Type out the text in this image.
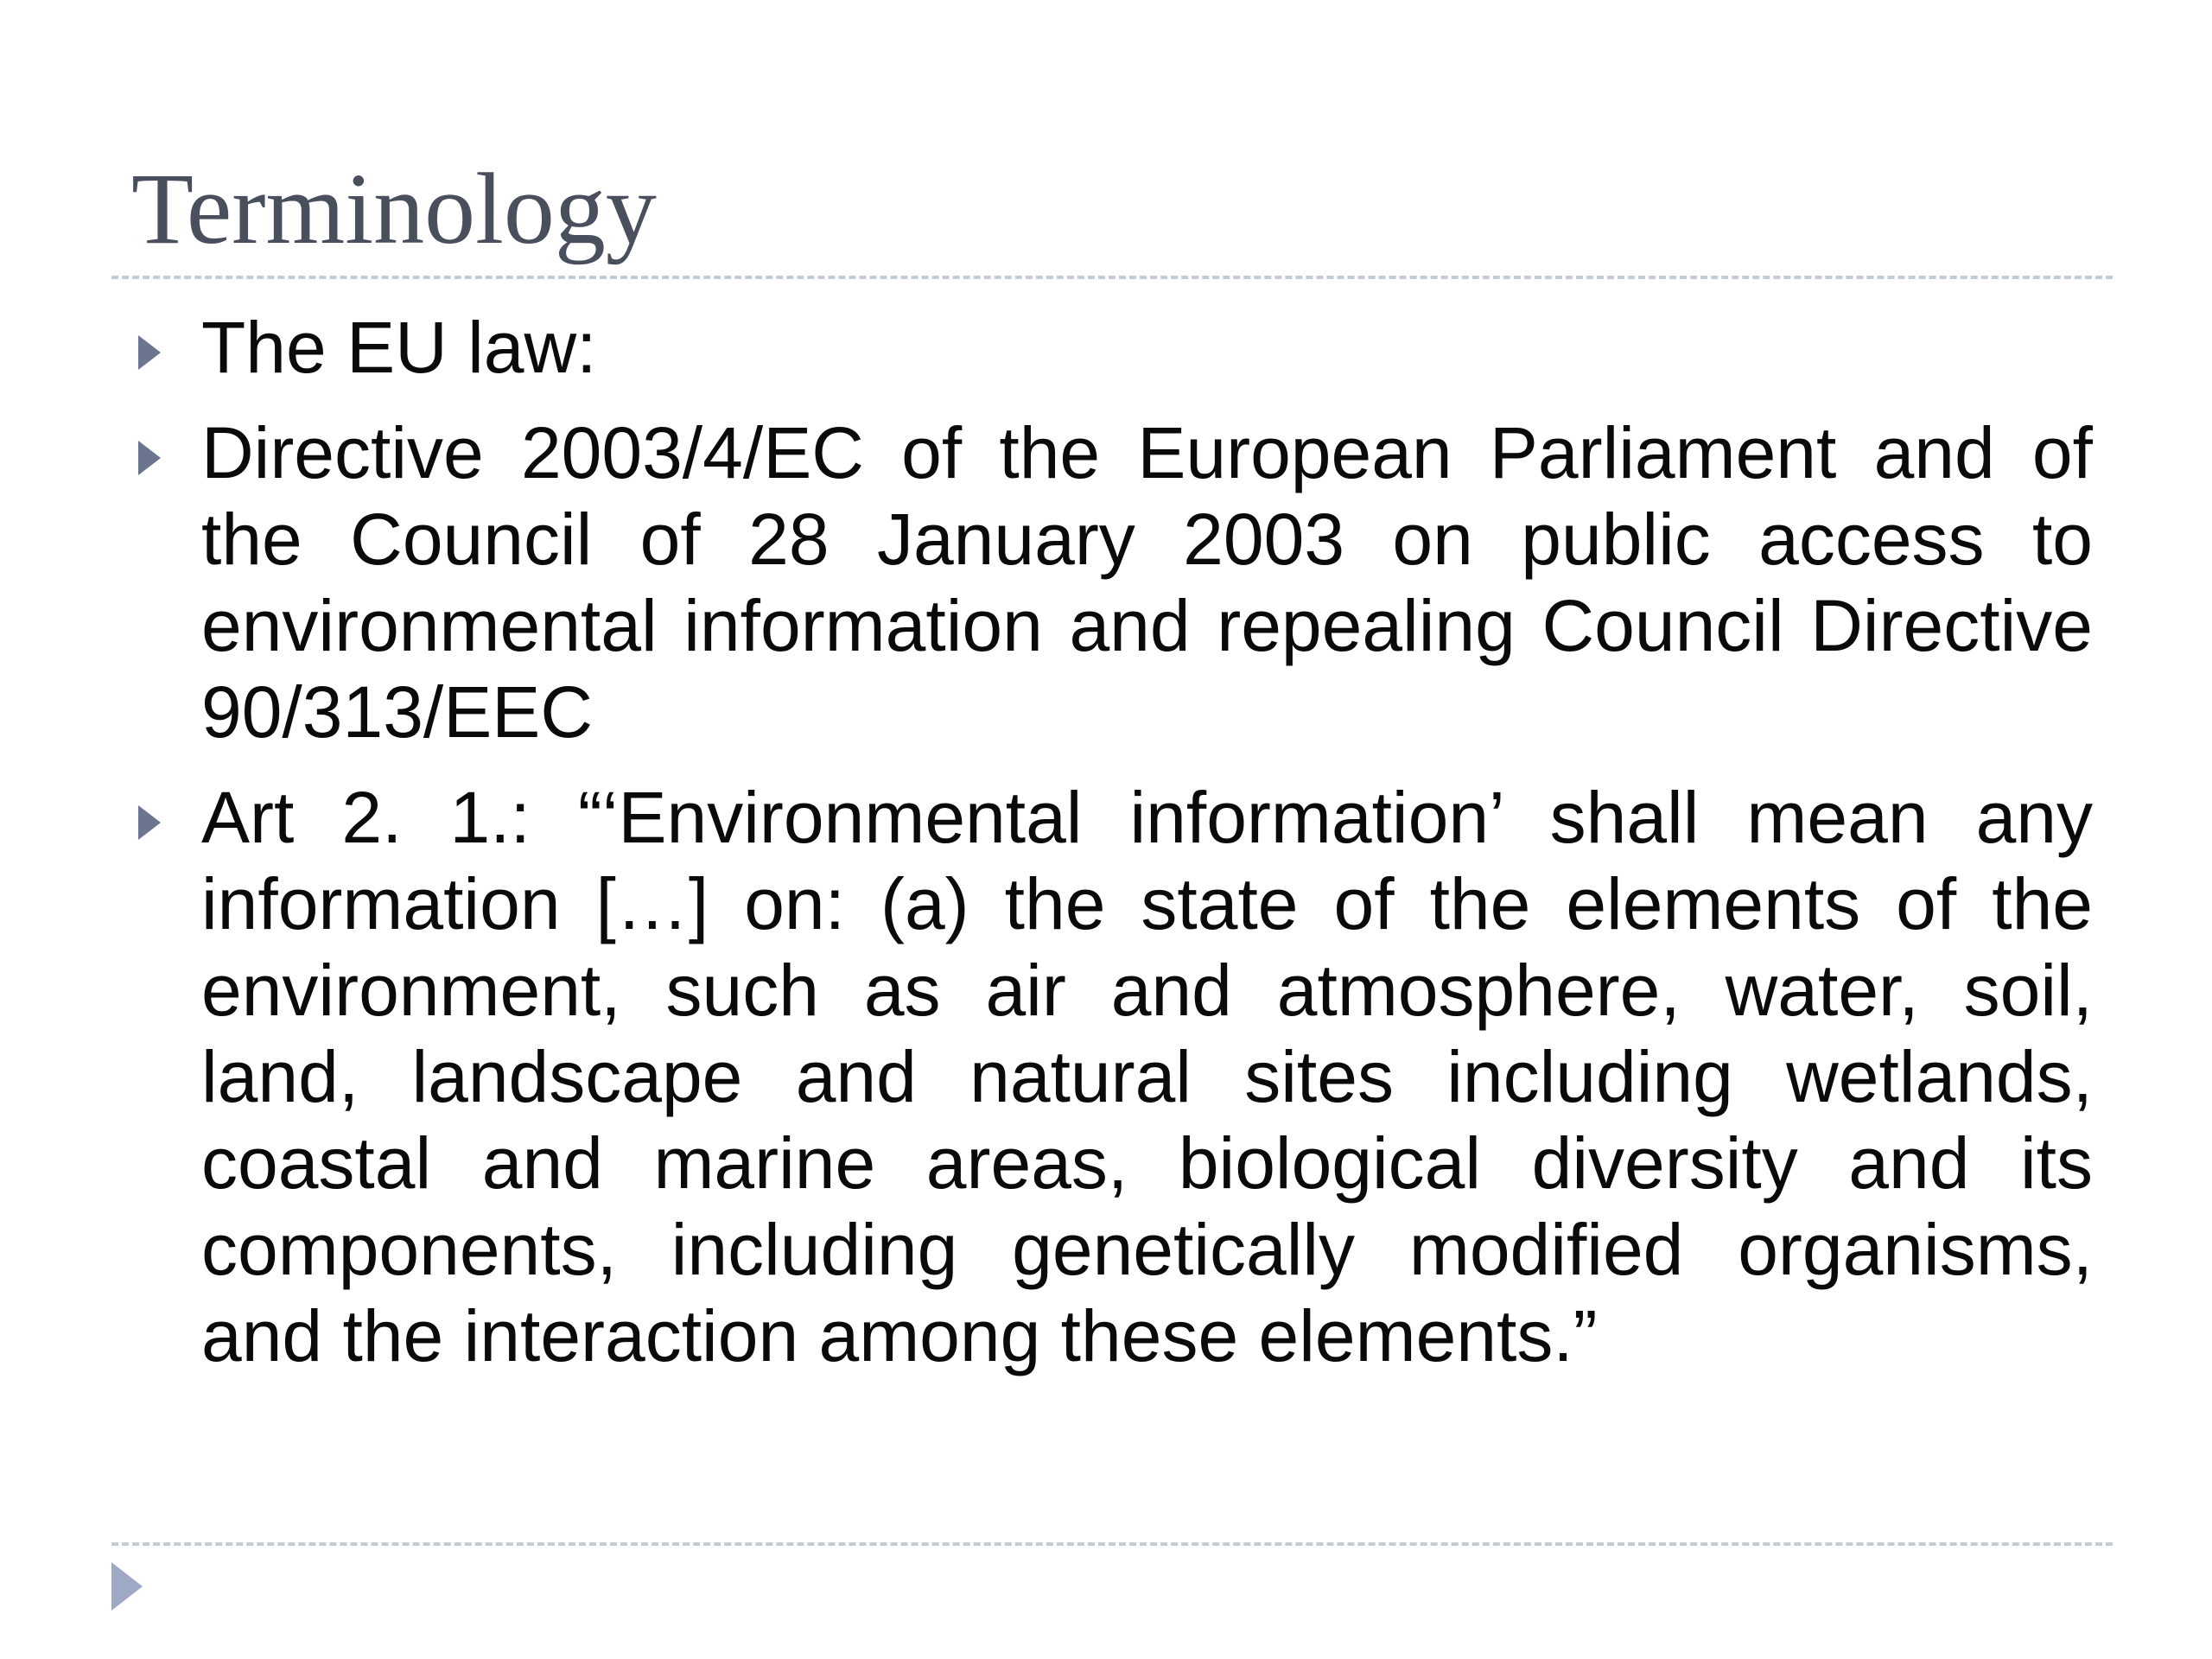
Terminology
The EU law:
Directive 2003/4/EC of the European Parliament and of the Council of 28 January 2003 on public access to environmental information and repealing Council Directive 90/313/EEC
Art 2. 1.: “‘Environmental information’ shall mean any information […] on: (a) the state of the elements of the environment, such as air and atmosphere, water, soil, land, landscape and natural sites including wetlands, coastal and marine areas, biological diversity and its components, including genetically modified organisms, and the interaction among these elements.”
